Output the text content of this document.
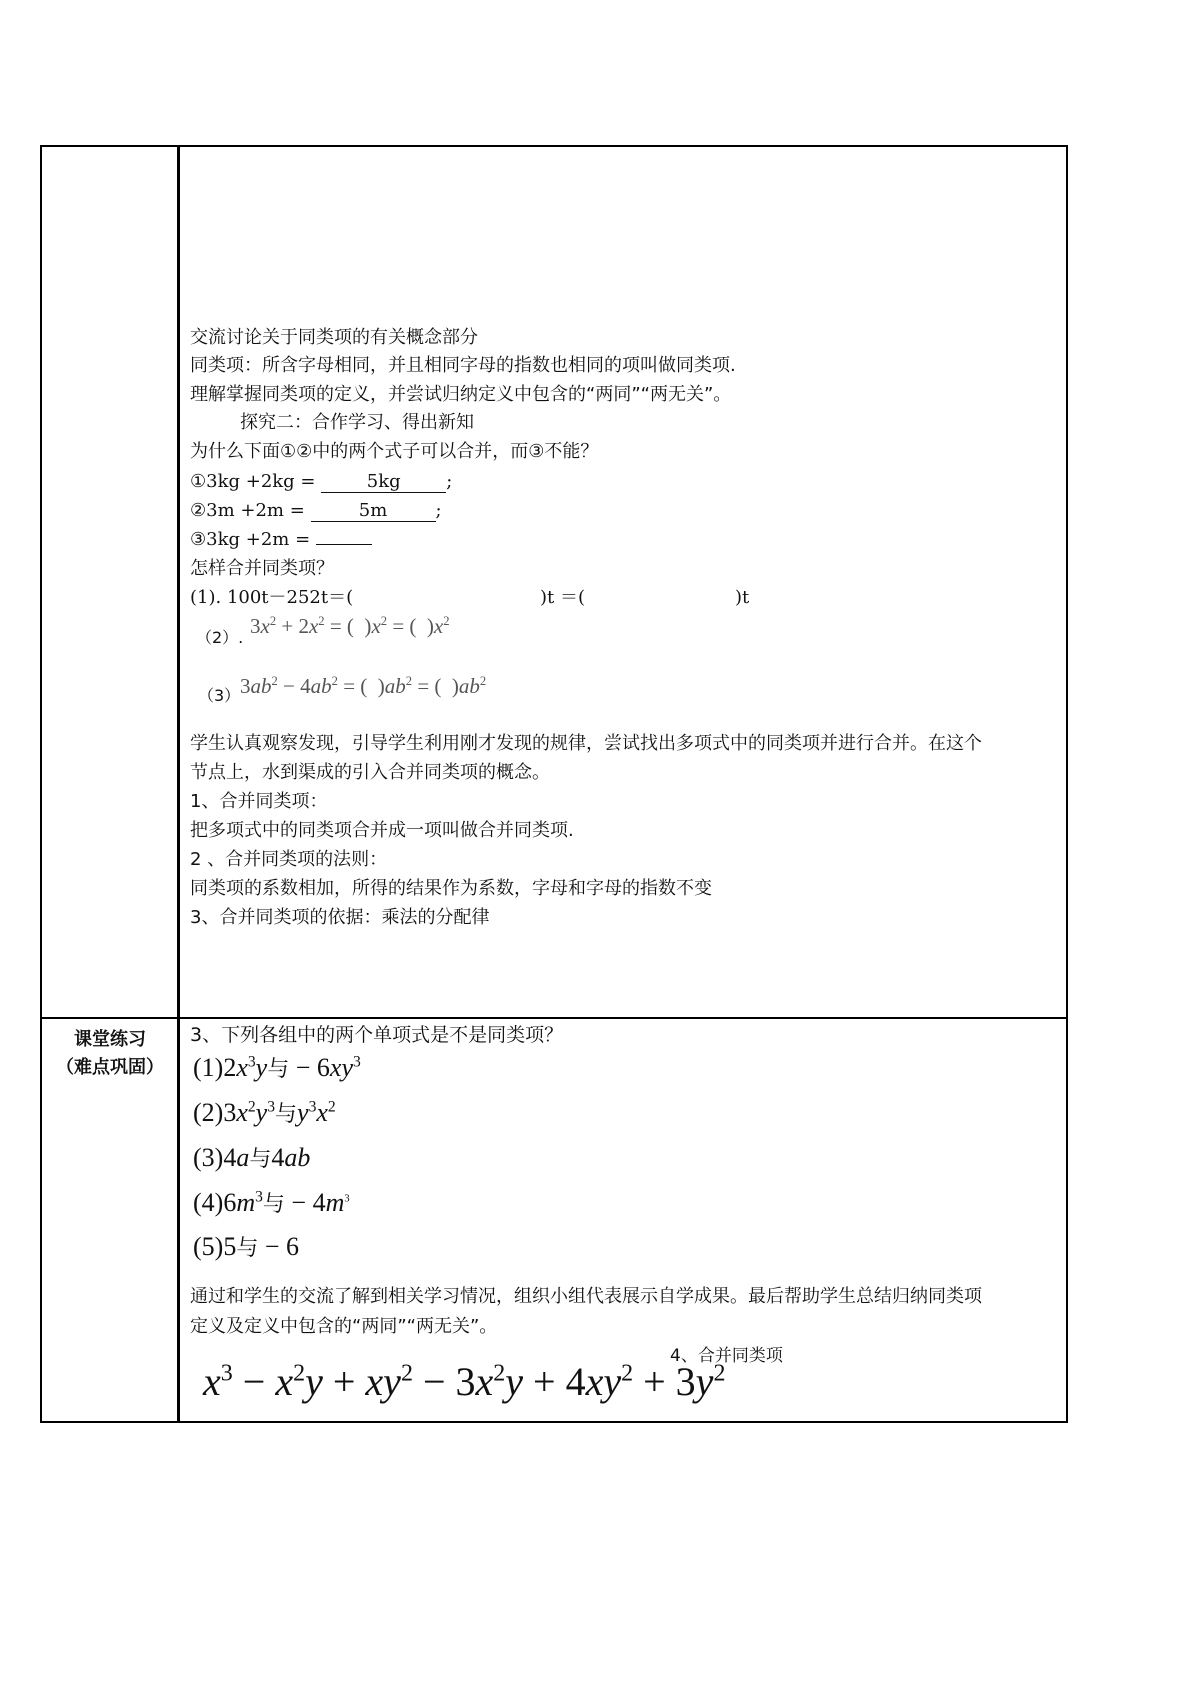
交流讨论关于同类项的有关概念部分
同类项：所含字母相同，并且相同字母的指数也相同的项叫做同类项.
理解掌握同类项的定义，并尝试归纳定义中包含的“两同”“两无关”。
探究二：合作学习、得出新知
为什么下面①②中的两个式子可以合并，而③不能？
①3kg +2kg =	5kg	;
②3m +2m =	5m	;
③3kg +2m =
怎样合并同类项？
(1). 100t－252t＝(	)t ＝(	)t
（2）. $3x^2 + 2x^2$ = (  )$x^2$ = (  )$x^2$
（3） $3ab^2 - 4ab^2$ = (  )$ab^2$ = (  )$ab^2$
学生认真观察发现，引导学生利用刚才发现的规律，尝试找出多项式中的同类项并进行合并。在这个
节点上，水到渠成的引入合并同类项的概念。
1、合并同类项：
把多项式中的同类项合并成一项叫做合并同类项.
2 、合并同类项的法则：
同类项的系数相加，所得的结果作为系数，字母和字母的指数不变
3、合并同类项的依据：乘法的分配律
课堂练习
（难点巩固）
3、下列各组中的两个单项式是不是同类项？
$(1)2x^3y$与 − $6xy^3$
$(2)3x^2y^3$与$y^3x^2$
(3)4a与4ab
$(4)6m^3$与 − $4m^3$
(5)5与 − 6
通过和学生的交流了解到相关学习情况，组织小组代表展示自学成果。最后帮助学生总结归纳同类项
定义及定义中包含的“两同”“两无关”。
$x^3 - x^2y + xy^2 - 3x^2y + 4xy^2 + 3y^2$
4、合并同类项
